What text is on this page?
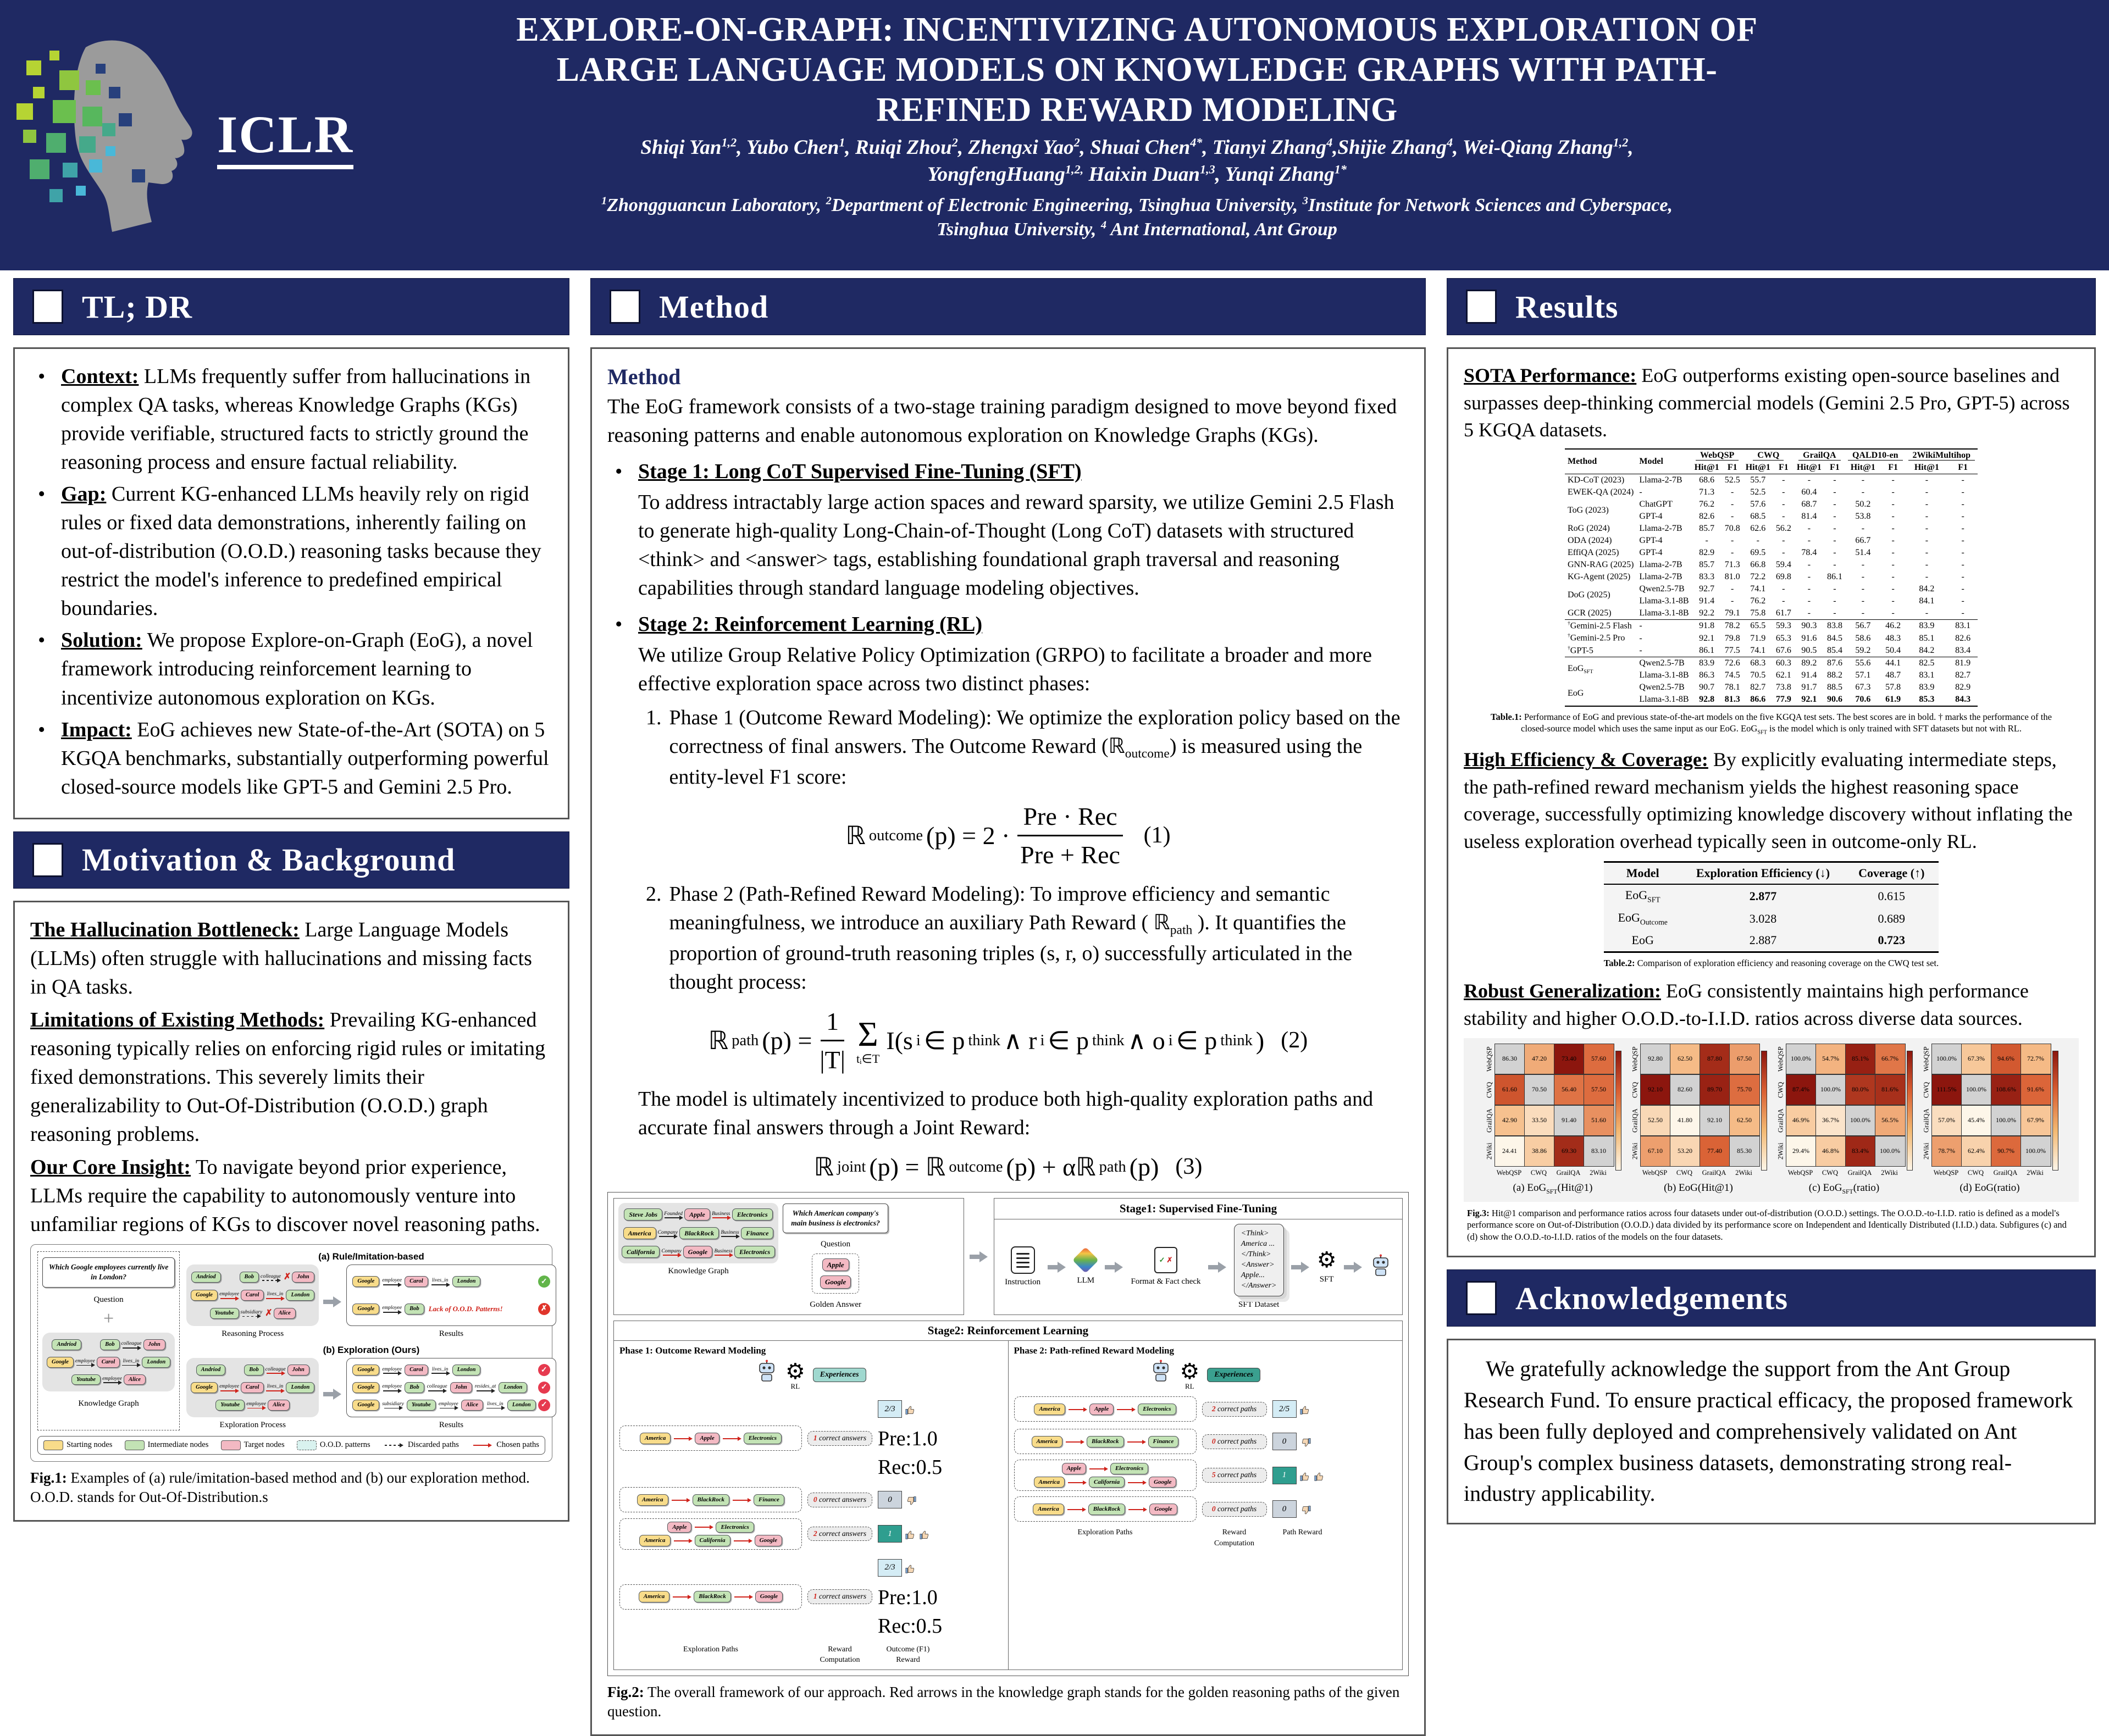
ICLR
EXPLORE-ON-GRAPH: INCENTIVIZING AUTONOMOUS EXPLORATION OF
LARGE LANGUAGE MODELS ON KNOWLEDGE GRAPHS WITH PATH-
REFINED REWARD MODELING
Shiqi Yan$^{1,2}$, Yubo Chen$^1$, Ruiqi Zhou$^2$, Zhengxi Yao$^2$, Shuai Chen$^{4*}$, Tianyi Zhang$^4$,Shijie Zhang$^4$, Wei-Qiang Zhang$^{1,2}$,
YongfengHuang$^{1,2,}$ Haixin Duan$^{1,3}$, Yunqi Zhang$^{1*}$
$^1$Zhongguancun Laboratory, $^2$Department of Electronic Engineering, Tsinghua University, $^3$Institute for Network Sciences and Cyberspace,
Tsinghua University, $^4$ Ant International, Ant Group
TL; DR
• Context: LLMs frequently suffer from hallucinations in complex QA tasks, whereas Knowledge Graphs (KGs) provide verifiable, structured facts to strictly ground the reasoning process and ensure factual reliability.
• Gap: Current KG-enhanced LLMs heavily rely on rigid rules or fixed data demonstrations, inherently failing on out-of-distribution (O.O.D.) reasoning tasks because they restrict the model's inference to predefined empirical boundaries.
• Solution: We propose Explore-on-Graph (EoG), a novel framework introducing reinforcement learning to incentivize autonomous exploration on KGs.
• Impact: EoG achieves new State-of-the-Art (SOTA) on 5 KGQA benchmarks, substantially outperforming powerful closed-source models like GPT-5 and Gemini 2.5 Pro.
Motivation & Background
The Hallucination Bottleneck: Large Language Models (LLMs) often struggle with hallucinations and missing facts in QA tasks.
Limitations of Existing Methods: Prevailing KG-enhanced reasoning typically relies on enforcing rigid rules or imitating fixed demonstrations. This severely limits their generalizability to Out-Of-Distribution (O.O.D.) graph reasoning problems.
Our Core Insight: To navigate beyond prior experience, LLMs require the capability to autonomously venture into unfamiliar regions of KGs to discover novel reasoning paths.
Which Google employees currently live in London?
Question
+
Andriod	Bob	colleague	John
Google	employee	Carol	lives_in	London
Youtube	employee	Alice
Knowledge Graph
(a) Rule/Imitation-based
Andriod	Bob	colleague ✗	John
Google	employee	Carol	lives_in	London
Youtube	subsidiary ✗	Alice
Reasoning Process
Google	employee	Carol	lives_in	London	✓
Google	employee	Bob	Lack of O.O.D. Patterns!	✗
Results
(b) Exploration (Ours)
Andriod	Bob	colleague	John
Google	employee	Carol	lives_in	London
Youtube	employee	Alice
Exploration Process
Google	employee	Carol	lives_in	London	✓
Google	employee	Bob	colleague	John	resides_at	London	✓
Google	subsidiary	Youtube	employee	Alice	lives_in	London	✓
Results
Starting nodes	Intermediate nodes	Target nodes	O.O.D. patterns	Discarded paths	Chosen paths
Fig.1: Examples of (a) rule/imitation-based method and (b) our exploration method. O.O.D. stands for Out-Of-Distribution.s
Method
Method
The EoG framework consists of a two-stage training paradigm designed to move beyond fixed reasoning patterns and enable autonomous exploration on Knowledge Graphs (KGs).
• Stage 1: Long CoT Supervised Fine-Tuning (SFT)
To address intractably large action spaces and reward sparsity, we utilize Gemini 2.5 Flash to generate high-quality Long-Chain-of-Thought (Long CoT) datasets with structured <think> and <answer> tags, establishing foundational graph traversal and reasoning capabilities through standard language modeling objectives.
• Stage 2: Reinforcement Learning (RL)
We utilize Group Relative Policy Optimization (GRPO) to facilitate a broader and more effective exploration space across two distinct phases:
1. Phase 1 (Outcome Reward Modeling): We optimize the exploration policy based on the correctness of final answers. The Outcome Reward (ℝ$_{outcome}$) is measured using the entity-level F1 score:
ℝ outcome $(p) = 2 \cdot \frac{\text{Pre · Rec}}{\text{Pre + Rec}} (1)$
2. Phase 2 (Path-Refined Reward Modeling): To improve efficiency and semantic meaningfulness, we introduce an auxiliary Path Reward ( ℝ$_{path}$ ). It quantifies the proportion of ground-truth reasoning triples (s, r, o) successfully articulated in the thought process:
ℝ path $(p) = \frac{1}{|T|}$ Σ
tᵢ∈T
I(s i ∈ p think ∧ r i ∈ p think ∧ o i ∈ p think ) (2)
The model is ultimately incentivized to produce both high-quality exploration paths and accurate final answers through a Joint Reward:
ℝ joint (p) = ℝ outcome (p) + αℝ path (p) (3)
Steve Jobs	Founded	Apple	Business	Electronics
America	Company	BlackRock	Business	Finance
California	Company	Google	Business	Electronics
Knowledge Graph
Which American company's main business is electronics?
Question
Apple
Google
Golden Answer
Stage1: Supervised Fine-Tuning
Instruction	LLM
✓ ✗
Format & Fact check
<Think>
America ...
</Think>
<Answer>
Apple...
</Answer>
SFT Dataset
⚙
SFT
Stage2: Reinforcement Learning
Phase 1: Outcome Reward Modeling
⚙
RL
Experiences
America	Apple	Electronics	1 correct answers
2/3
Pre:1.0 Rec:0.5
America	BlackRock	Finance	0 correct answers	0
Apple	Electronics
America	California	Google
2 correct answers	1
America	BlackRock	Google	1 correct answers
2/3
Pre:1.0 Rec:0.5
Exploration Paths	Reward Computation
Outcome (F1) Reward
Phase 2: Path-refined Reward Modeling
⚙
RL
Experiences
America	Apple	Electronics	2 correct paths	2/5
America	BlackRock	Finance	0 correct paths	0
Apple	Electronics
America	California	Google
5 correct paths	1
America	BlackRock	Google	0 correct paths	0
Exploration Paths	Reward Computation
Path Reward
Fig.2: The overall framework of our approach. Red arrows in the knowledge graph stands for the golden reasoning paths of the given question.
Results
SOTA Performance: EoG outperforms existing open-source baselines and surpasses deep-thinking commercial models (Gemini 2.5 Pro, GPT-5) across 5 KGQA datasets.
Method	Model	WebQSP		CWQ		GrailQA		QALD10-en		2WikiMultihop	
		Hit@1	F1	Hit@1	F1	Hit@1	F1	Hit@1	F1	Hit@1	F1
KD-CoT (2023)	Llama-2-7B	68.6	52.5	55.7	-	-	-	-	-	-	-
EWEK-QA (2024)	-	71.3	-	52.5	-	60.4	-	-	-	-	-
ToG (2023)	ChatGPT	76.2	-	57.6	-	68.7	-	50.2	-	-	-
	GPT-4	82.6	-	68.5	-	81.4	-	53.8	-	-	-
RoG (2024)	Llama-2-7B	85.7	70.8	62.6	56.2	-	-	-	-	-	-
ODA (2024)	GPT-4	-	-	-	-	-	-	66.7	-	-	-
EffiQA (2025)	GPT-4	82.9	-	69.5	-	78.4	-	51.4	-	-	-
GNN-RAG (2025)	Llama-2-7B	85.7	71.3	66.8	59.4	-	-	-	-	-	-
KG-Agent (2025)	Llama-2-7B	83.3	81.0	72.2	69.8	-	86.1	-	-	-	-
DoG (2025)	Qwen2.5-7B	92.7	-	74.1	-	-	-	-	-	84.2	-
	Llama-3.1-8B	91.4	-	76.2	-	-	-	-	-	84.1	-
GCR (2025)	Llama-3.1-8B	92.2	79.1	75.8	61.7	-	-	-	-	-	-
†Gemini-2.5 Flash	-	91.8	78.2	65.5	59.3	90.3	83.8	56.7	46.2	83.9	83.1
†Gemini-2.5 Pro	-	92.1	79.8	71.9	65.3	91.6	84.5	58.6	48.3	85.1	82.6
†GPT-5	-	86.1	77.5	74.1	67.6	90.5	85.4	59.2	50.4	84.2	83.4
EoG$_{SFT}$	Qwen2.5-7B	83.9	72.6	68.3	60.3	89.2	87.6	55.6	44.1	82.5	81.9
	Llama-3.1-8B	86.3	74.5	70.5	62.1	91.4	88.2	57.1	48.7	83.1	82.7
EoG	Qwen2.5-7B	90.7	78.1	82.7	73.8	91.7	88.5	67.3	57.8	83.9	82.9
	Llama-3.1-8B	92.8	81.3	86.6	77.9	92.1	90.6	70.6	61.9	85.3	84.3
Table.1: Performance of EoG and previous state-of-the-art models on the five KGQA test sets. The best scores are in bold. † marks the performance of the closed-source model which uses the same input as our EoG. EoG$_{SFT}$ is the model which is only trained with SFT datasets but not with RL.
High Efficiency & Coverage: By explicitly evaluating intermediate steps, the path-refined reward mechanism yields the highest reasoning space coverage, successfully optimizing knowledge discovery without inflating the useless exploration overhead typically seen in outcome-only RL.
Model	Exploration Efficiency (↓)	Coverage (↑)
EoG$_{SFT}$	2.877	0.615
EoG$_{Outcome}$	3.028	0.689
EoG	2.887	0.723
Table.2: Comparison of exploration efficiency and reasoning coverage on the CWQ test set.
Robust Generalization: EoG consistently maintains high performance stability and higher O.O.D.-to-I.I.D. ratios across diverse data sources.
WebQSP	86.30	47.20	73.40	57.60
CWQ	61.60	70.50	56.40	57.50
GrailQA	42.90	33.50	91.40	51.60
2Wiki	24.41	38.86	69.30	83.10
WebQSP	CWQ	GrailQA	2Wiki
(a) EoG$_{SFT}$(Hit@1)
WebQSP	92.80	62.50	87.80	67.50
CWQ	92.10	82.60	89.70	75.70
GrailQA	52.50	41.80	92.10	62.50
2Wiki	67.10	53.20	77.40	85.30
WebQSP	CWQ	GrailQA	2Wiki
(b) EoG(Hit@1)
WebQSP	100.0%	54.7%	85.1%	66.7%
CWQ	87.4%	100.0%	80.0%	81.6%
GrailQA	46.9%	36.7%	100.0%	56.5%
2Wiki	29.4%	46.8%	83.4%	100.0%
WebQSP	CWQ	GrailQA	2Wiki
(c) EoG$_{SFT}$(ratio)
WebQSP	100.0%	67.3%	94.6%	72.7%
CWQ	111.5%	100.0%	108.6%	91.6%
GrailQA	57.0%	45.4%	100.0%	67.9%
2Wiki	78.7%	62.4%	90.7%	100.0%
WebQSP	CWQ	GrailQA	2Wiki
(d) EoG(ratio)
Fig.3: Hit@1 comparison and performance ratios across four datasets under out-of-distribution (O.O.D.) settings. The O.O.D.-to-I.I.D. ratio is defined as a model's performance score on Out-of-Distribution (O.O.D.) data divided by its performance score on Independent and Identically Distributed (I.I.D.) data. Subfigures (c) and (d) show the O.O.D.-to-I.I.D. ratios of the models on the four datasets.
Acknowledgements
We gratefully acknowledge the support from the Ant Group Research Fund. To ensure practical efficacy, the proposed framework has been fully deployed and comprehensively validated on Ant Group's complex business datasets, demonstrating strong real-industry applicability.
